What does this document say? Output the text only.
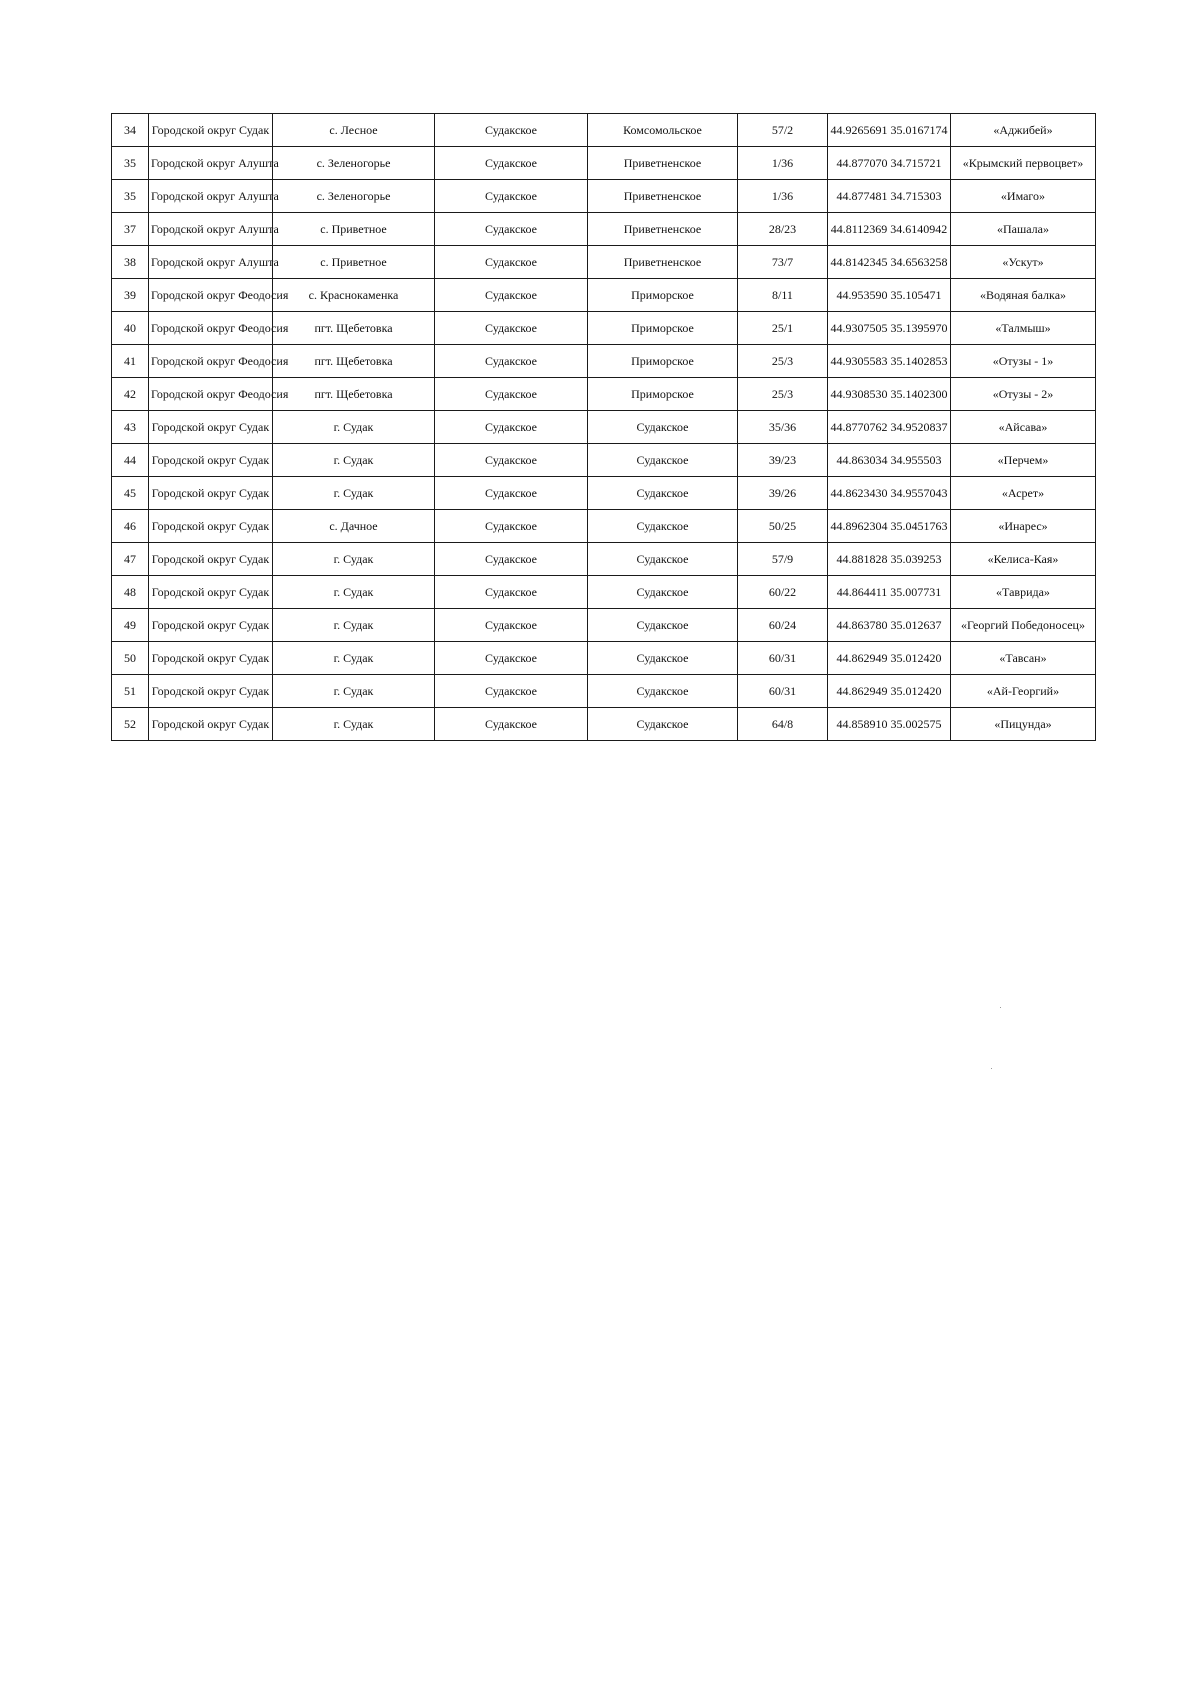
34	Городской округ Судак	с. Лесное	Судакское	Комсомольское	57/2	44.9265691 35.0167174	«Аджибей»
35	Городской округ Алушта	с. Зеленогорье	Судакское	Приветненское	1/36	44.877070 34.715721	«Крымский первоцвет»
35	Городской округ Алушта	с. Зеленогорье	Судакское	Приветненское	1/36	44.877481 34.715303	«Имаго»
37	Городской округ Алушта	с. Приветное	Судакское	Приветненское	28/23	44.8112369 34.6140942	«Пашала»
38	Городской округ Алушта	с. Приветное	Судакское	Приветненское	73/7	44.8142345 34.6563258	«Ускут»
39	Городской округ Феодосия	с. Краснокаменка	Судакское	Приморское	8/11	44.953590 35.105471	«Водяная балка»
40	Городской округ Феодосия	пгт. Щебетовка	Судакское	Приморское	25/1	44.9307505 35.1395970	«Талмыш»
41	Городской округ Феодосия	пгт. Щебетовка	Судакское	Приморское	25/3	44.9305583 35.1402853	«Отузы - 1»
42	Городской округ Феодосия	пгт. Щебетовка	Судакское	Приморское	25/3	44.9308530 35.1402300	«Отузы - 2»
43	Городской округ Судак	г. Судак	Судакское	Судакское	35/36	44.8770762 34.9520837	«Айсава»
44	Городской округ Судак	г. Судак	Судакское	Судакское	39/23	44.863034 34.955503	«Перчем»
45	Городской округ Судак	г. Судак	Судакское	Судакское	39/26	44.8623430 34.9557043	«Асрет»
46	Городской округ Судак	с. Дачное	Судакское	Судакское	50/25	44.8962304 35.0451763	«Инарес»
47	Городской округ Судак	г. Судак	Судакское	Судакское	57/9	44.881828 35.039253	«Келиса-Кая»
48	Городской округ Судак	г. Судак	Судакское	Судакское	60/22	44.864411 35.007731	«Таврида»
49	Городской округ Судак	г. Судак	Судакское	Судакское	60/24	44.863780 35.012637	«Георгий Победоносец»
50	Городской округ Судак	г. Судак	Судакское	Судакское	60/31	44.862949 35.012420	«Тавсан»
51	Городской округ Судак	г. Судак	Судакское	Судакское	60/31	44.862949 35.012420	«Ай-Георгий»
52	Городской округ Судак	г. Судак	Судакское	Судакское	64/8	44.858910 35.002575	«Пицунда»
